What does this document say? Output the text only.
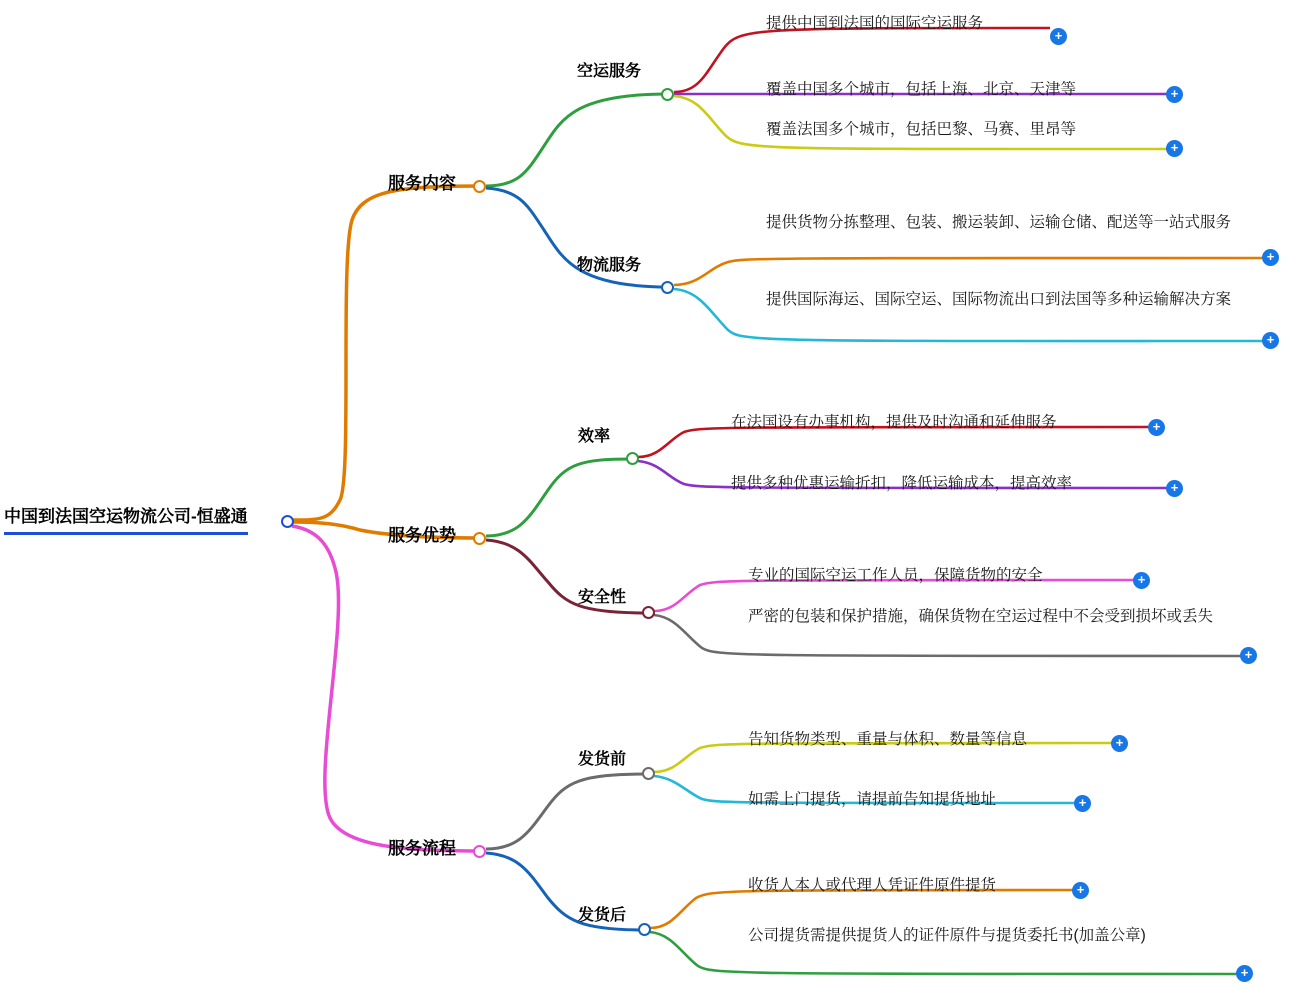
中国到法国空运物流公司-恒盛通
服务内容
空运服务
提供中国到法国的国际空运服务
+
覆盖中国多个城市，包括上海、北京、天津等	+
覆盖法国多个城市，包括巴黎、马赛、里昂等
+
物流服务
提供货物分拣整理、包装、搬运装卸、运输仓储、配送等一站式服务
+
提供国际海运、国际空运、国际物流出口到法国等多种运输解决方案
+
服务优势
效率
在法国设有办事机构，提供及时沟通和延伸服务	+
提供多种优惠运输折扣，降低运输成本，提高效率	+
安全性
专业的国际空运工作人员，保障货物的安全	+
严密的包装和保护措施，确保货物在空运过程中不会受到损坏或丢失
+
服务流程
发货前
告知货物类型、重量与体积、数量等信息	+
如需上门提货，请提前告知提货地址	+
发货后
收货人本人或代理人凭证件原件提货	+
公司提货需提供提货人的证件原件与提货委托书(加盖公章)
+
